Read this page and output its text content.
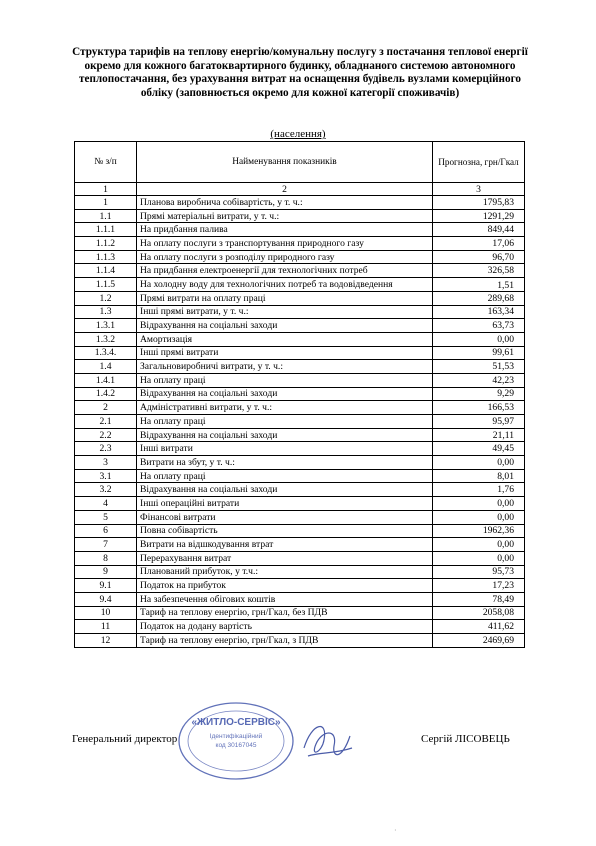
Структура тарифів на теплову енергію/комунальну послугу з постачання теплової енергії окремо для кожного багатоквартирного будинку, обладнаного системою автономного теплопостачання, без урахування витрат на оснащення будівель вузлами комерційного обліку (заповнюється окремо для кожної категорії споживачів)
(населення)
№ з/п	Найменування показників	Прогнозна, грн/Гкал
1	2	3
1	Планова виробнича собівартість, у т. ч.:	1795,83
1.1	Прямі матеріальні витрати, у т. ч.:	1291,29
1.1.1	На придбання палива	849,44
1.1.2	На оплату послуги з транспортування природного газу	17,06
1.1.3	На оплату послуги з розподілу природного газу	96,70
1.1.4	На придбання електроенергії для технологічних потреб	326,58
1.1.5	На холодну воду для технологічних потреб та водовідведення	1,51
1.2	Прямі витрати на оплату праці	289,68
1.3	Інші прямі витрати, у т. ч.:	163,34
1.3.1	Відрахування на соціальні заходи	63,73
1.3.2	Амортизація	0,00
1.3.4.	Інші прямі витрати	99,61
1.4	Загальновиробничі витрати, у т. ч.:	51,53
1.4.1	На оплату праці	42,23
1.4.2	Відрахування на соціальні заходи	9,29
2	Адміністративні витрати, у т. ч.:	166,53
2.1	На оплату праці	95,97
2.2	Відрахування на соціальні заходи	21,11
2.3	Інші витрати	49,45
3	Витрати на збут, у т. ч.:	0,00
3.1	На оплату праці	8,01
3.2	Відрахування на соціальні заходи	1,76
4	Інші операційні витрати	0,00
5	Фінансові витрати	0,00
6	Повна собівартість	1962,36
7	Витрати на відшкодування втрат	0,00
8	Перерахування витрат	0,00
9	Планований прибуток, у т.ч.:	95,73
9.1	Податок на прибуток	17,23
9.4	На забезпечення обігових коштів	78,49
10	Тариф на теплову енергію, грн/Гкал, без ПДВ	2058,08
11	Податок на додану вартість	411,62
12	Тариф на теплову енергію, грн/Гкал, з ПДВ	2469,69
Генеральний директор	Сергій ЛІСОВЕЦЬ
«ЖИТЛО-СЕРВІС»
Ідентифікаційний
код 30167045
·
